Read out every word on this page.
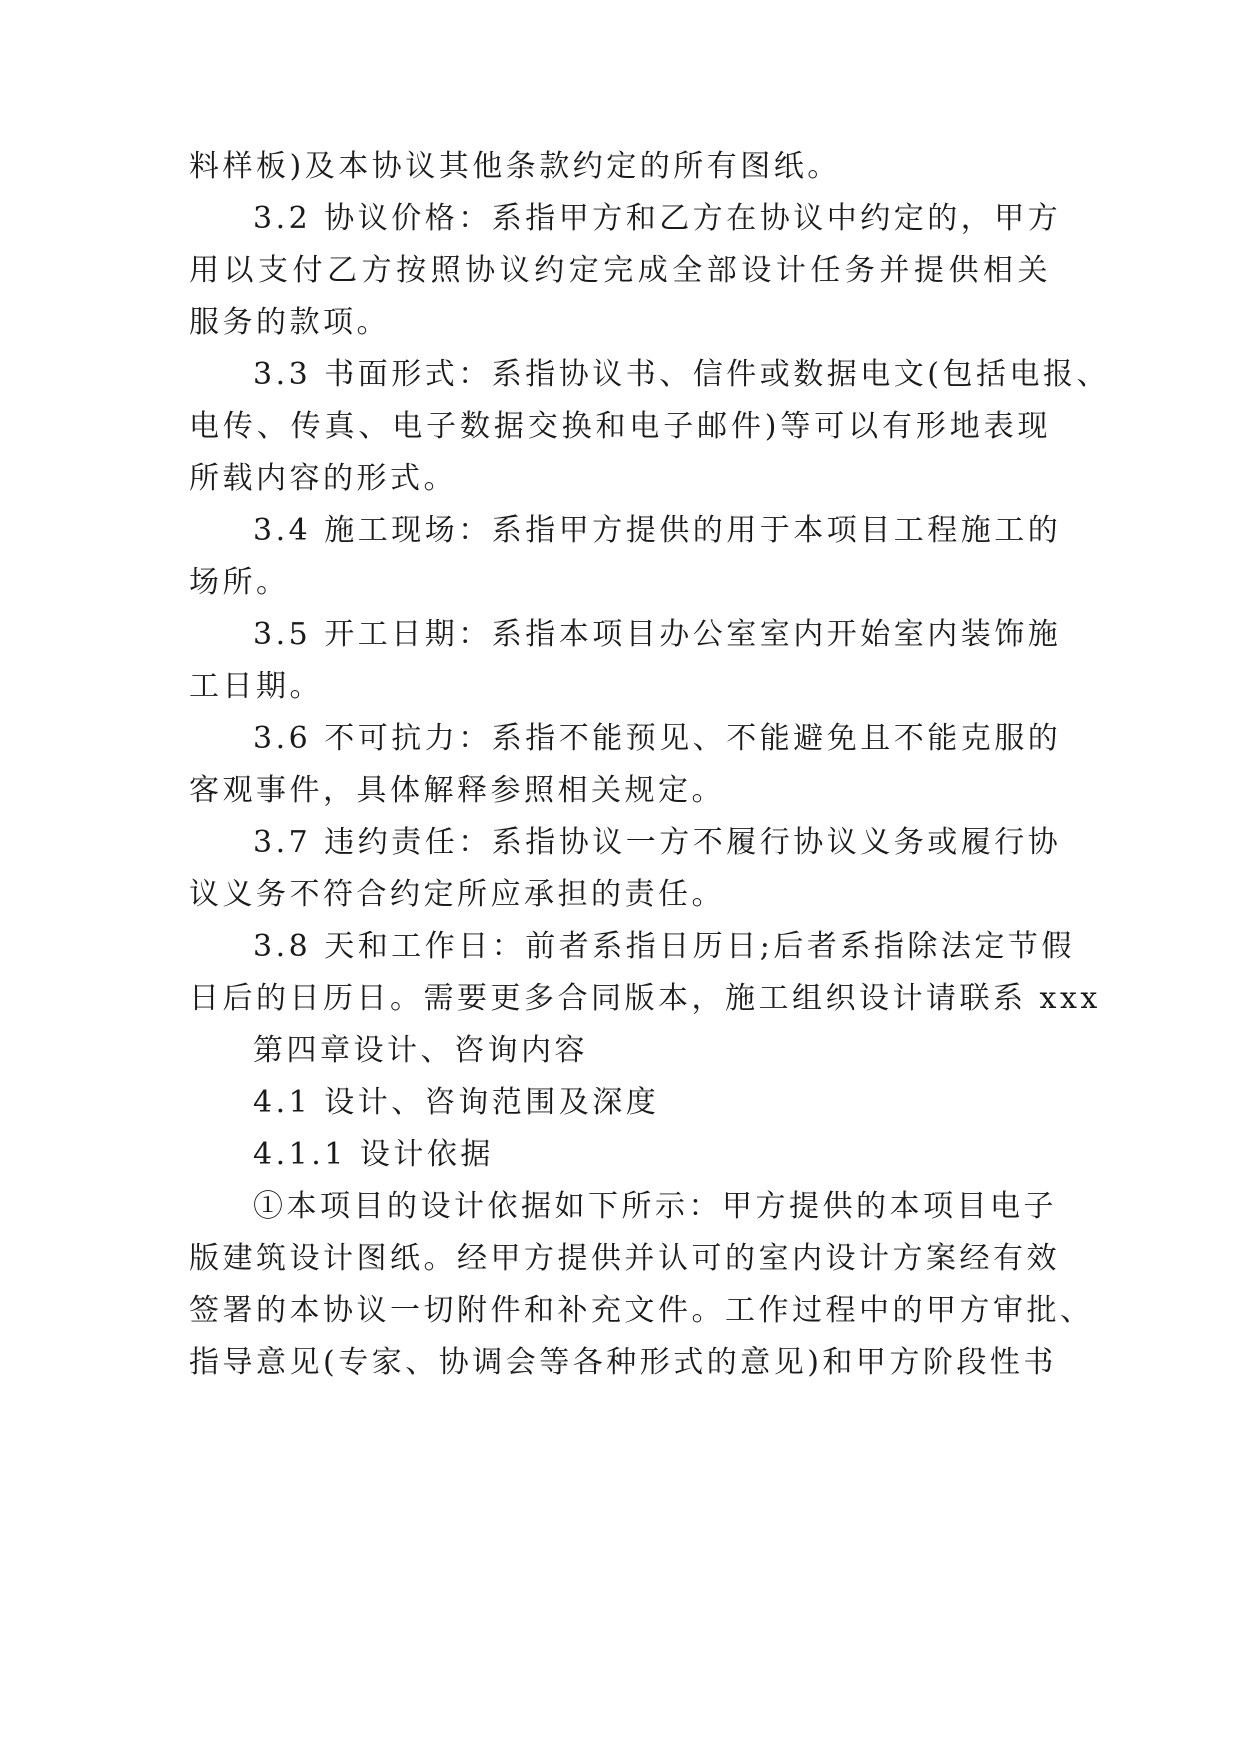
料样板)及本协议其他条款约定的所有图纸。
3.2 协议价格：系指甲方和乙方在协议中约定的，甲方
用以支付乙方按照协议约定完成全部设计任务并提供相关
服务的款项。
3.3 书面形式：系指协议书、信件或数据电文(包括电报、
电传、传真、电子数据交换和电子邮件)等可以有形地表现
所载内容的形式。
3.4 施工现场：系指甲方提供的用于本项目工程施工的
场所。
3.5 开工日期：系指本项目办公室室内开始室内装饰施
工日期。
3.6 不可抗力：系指不能预见、不能避免且不能克服的
客观事件，具体解释参照相关规定。
3.7 违约责任：系指协议一方不履行协议义务或履行协
议义务不符合约定所应承担的责任。
3.8 天和工作日：前者系指日历日;后者系指除法定节假
日后的日历日。需要更多合同版本，施工组织设计请联系 xxx
第四章设计、咨询内容
4.1 设计、咨询范围及深度
4.1.1 设计依据
①本项目的设计依据如下所示：甲方提供的本项目电子
版建筑设计图纸。经甲方提供并认可的室内设计方案经有效
签署的本协议一切附件和补充文件。工作过程中的甲方审批、
指导意见(专家、协调会等各种形式的意见)和甲方阶段性书
